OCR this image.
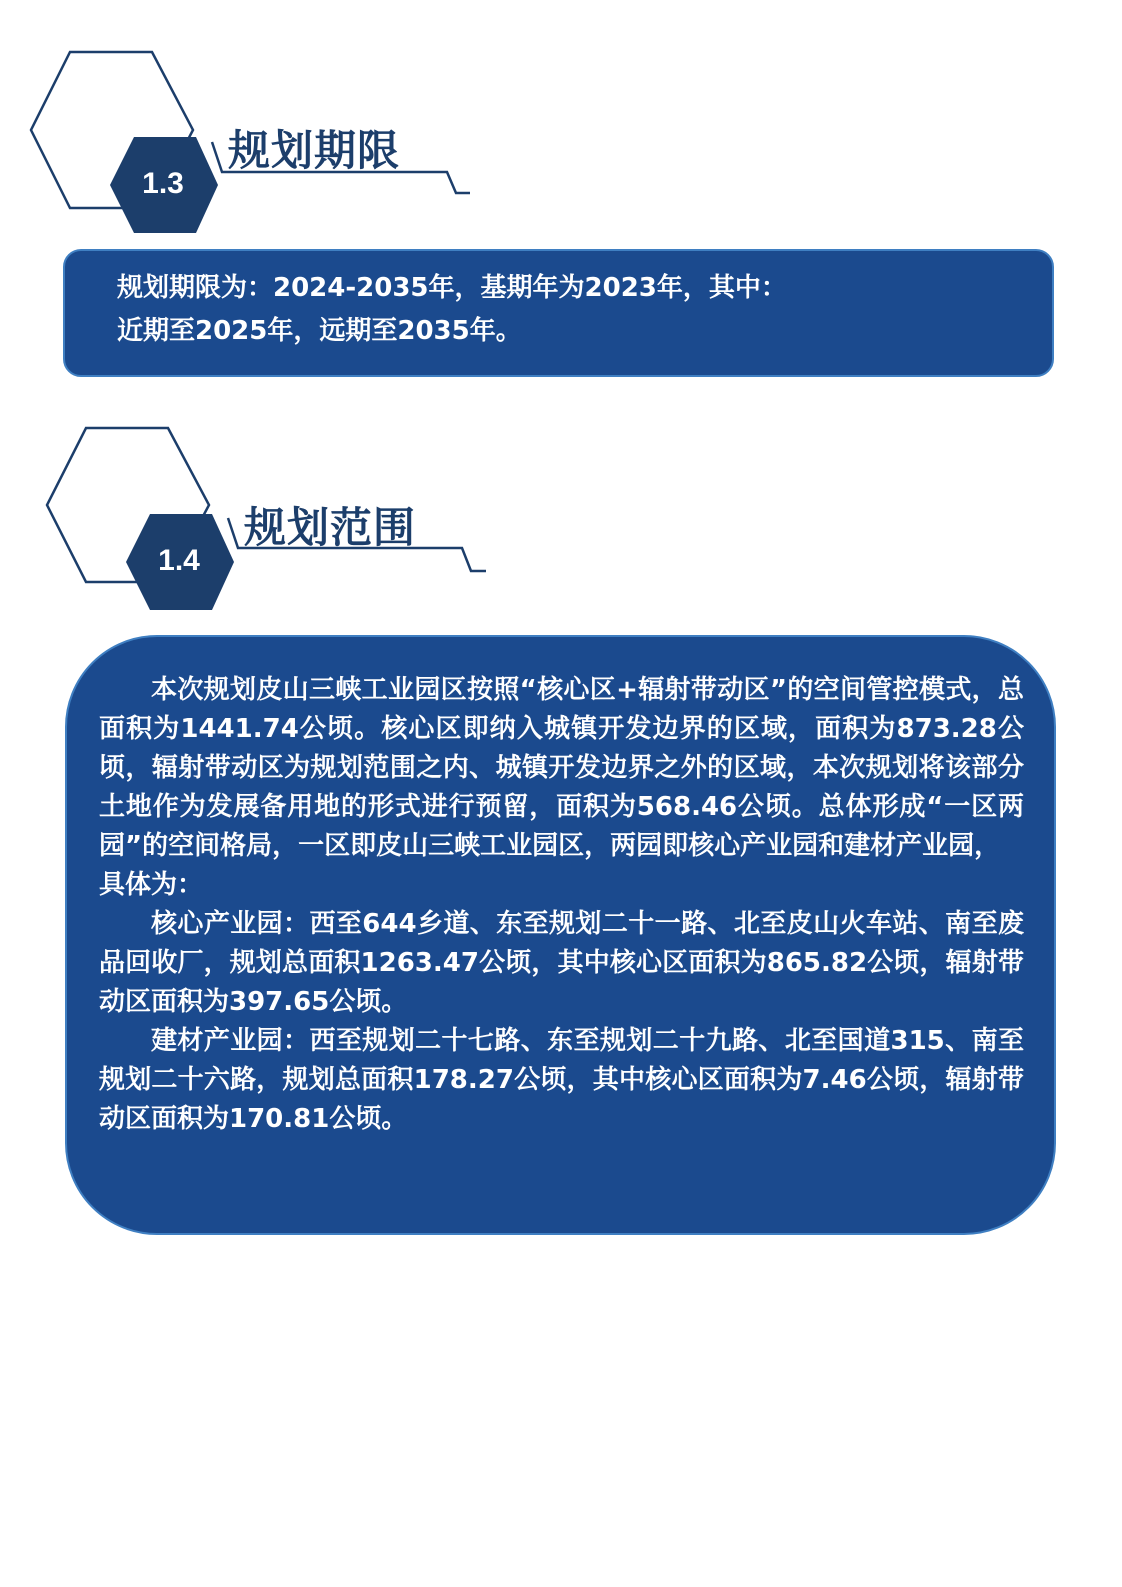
1.3
规划期限

规划期限为：2024-2035年，基期年为2023年，其中：

近期至2025年，远期至2035年。

1.4
规划范围

本次规划皮山三峡工业园区按照“核心区+辐射带动区”的空间管控模式，总面积为1441.74公顷。核心区即纳入城镇开发边界的区域，面积为873.28公顷，辐射带动区为规划范围之内、城镇开发边界之外的区域，本次规划将该部分土地作为发展备用地的形式进行预留，面积为568.46公顷。总体形成“一区两园”的空间格局，一区即皮山三峡工业园区，两园即核心产业园和建材产业园，

具体为：

核心产业园：西至644乡道、东至规划二十一路、北至皮山火车站、南至废品回收厂，规划总面积1263.47公顷，其中核心区面积为865.82公顷，辐射带动区面积为397.65公顷。

建材产业园：西至规划二十七路、东至规划二十九路、北至国道315、南至规划二十六路，规划总面积178.27公顷，其中核心区面积为7.46公顷，辐射带动区面积为170.81公顷。
